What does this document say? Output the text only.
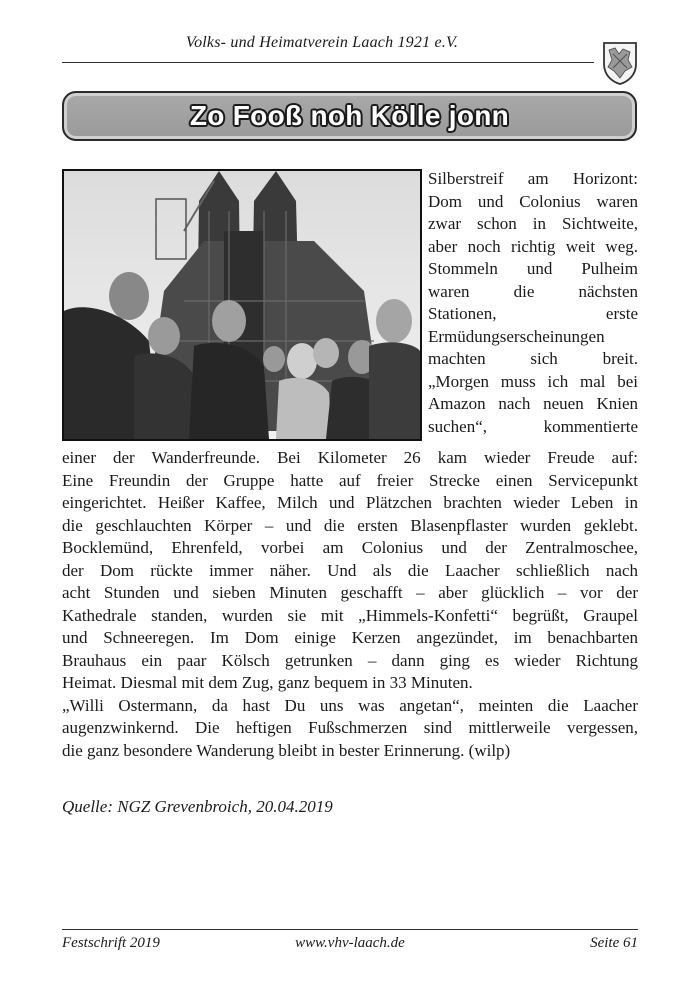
Volks- und Heimatverein Laach 1921 e.V.
Zo Fooß noh Kölle jonn
Silberstreif am Horizont:
Dom und Colonius waren
zwar schon in Sichtweite,
aber noch richtig weit weg.
Stommeln und Pulheim
waren die nächsten
Stationen, erste
Ermüdungserscheinungen
machten sich breit.
„Morgen muss ich mal bei
Amazon nach neuen Knien
suchen“, kommentierte
einer der Wanderfreunde. Bei Kilometer 26 kam wieder Freude auf:
Eine Freundin der Gruppe hatte auf freier Strecke einen Servicepunkt
eingerichtet. Heißer Kaffee, Milch und Plätzchen brachten wieder Leben in
die geschlauchten Körper – und die ersten Blasenpflaster wurden geklebt.
Bocklemünd, Ehrenfeld, vorbei am Colonius und der Zentralmoschee,
der Dom rückte immer näher. Und als die Laacher schließlich nach
acht Stunden und sieben Minuten geschafft – aber glücklich – vor der
Kathedrale standen, wurden sie mit „Himmels-Konfetti“ begrüßt, Graupel
und Schneeregen. Im Dom einige Kerzen angezündet, im benachbarten
Brauhaus ein paar Kölsch getrunken – dann ging es wieder Richtung
Heimat. Diesmal mit dem Zug, ganz bequem in 33 Minuten.
„Willi Ostermann, da hast Du uns was angetan“, meinten die Laacher
augenzwinkernd. Die heftigen Fußschmerzen sind mittlerweile vergessen,
die ganz besondere Wanderung bleibt in bester Erinnerung. (wilp)
Quelle: NGZ Grevenbroich, 20.04.2019
Festschrift 2019	www.vhv-laach.de	Seite 61
